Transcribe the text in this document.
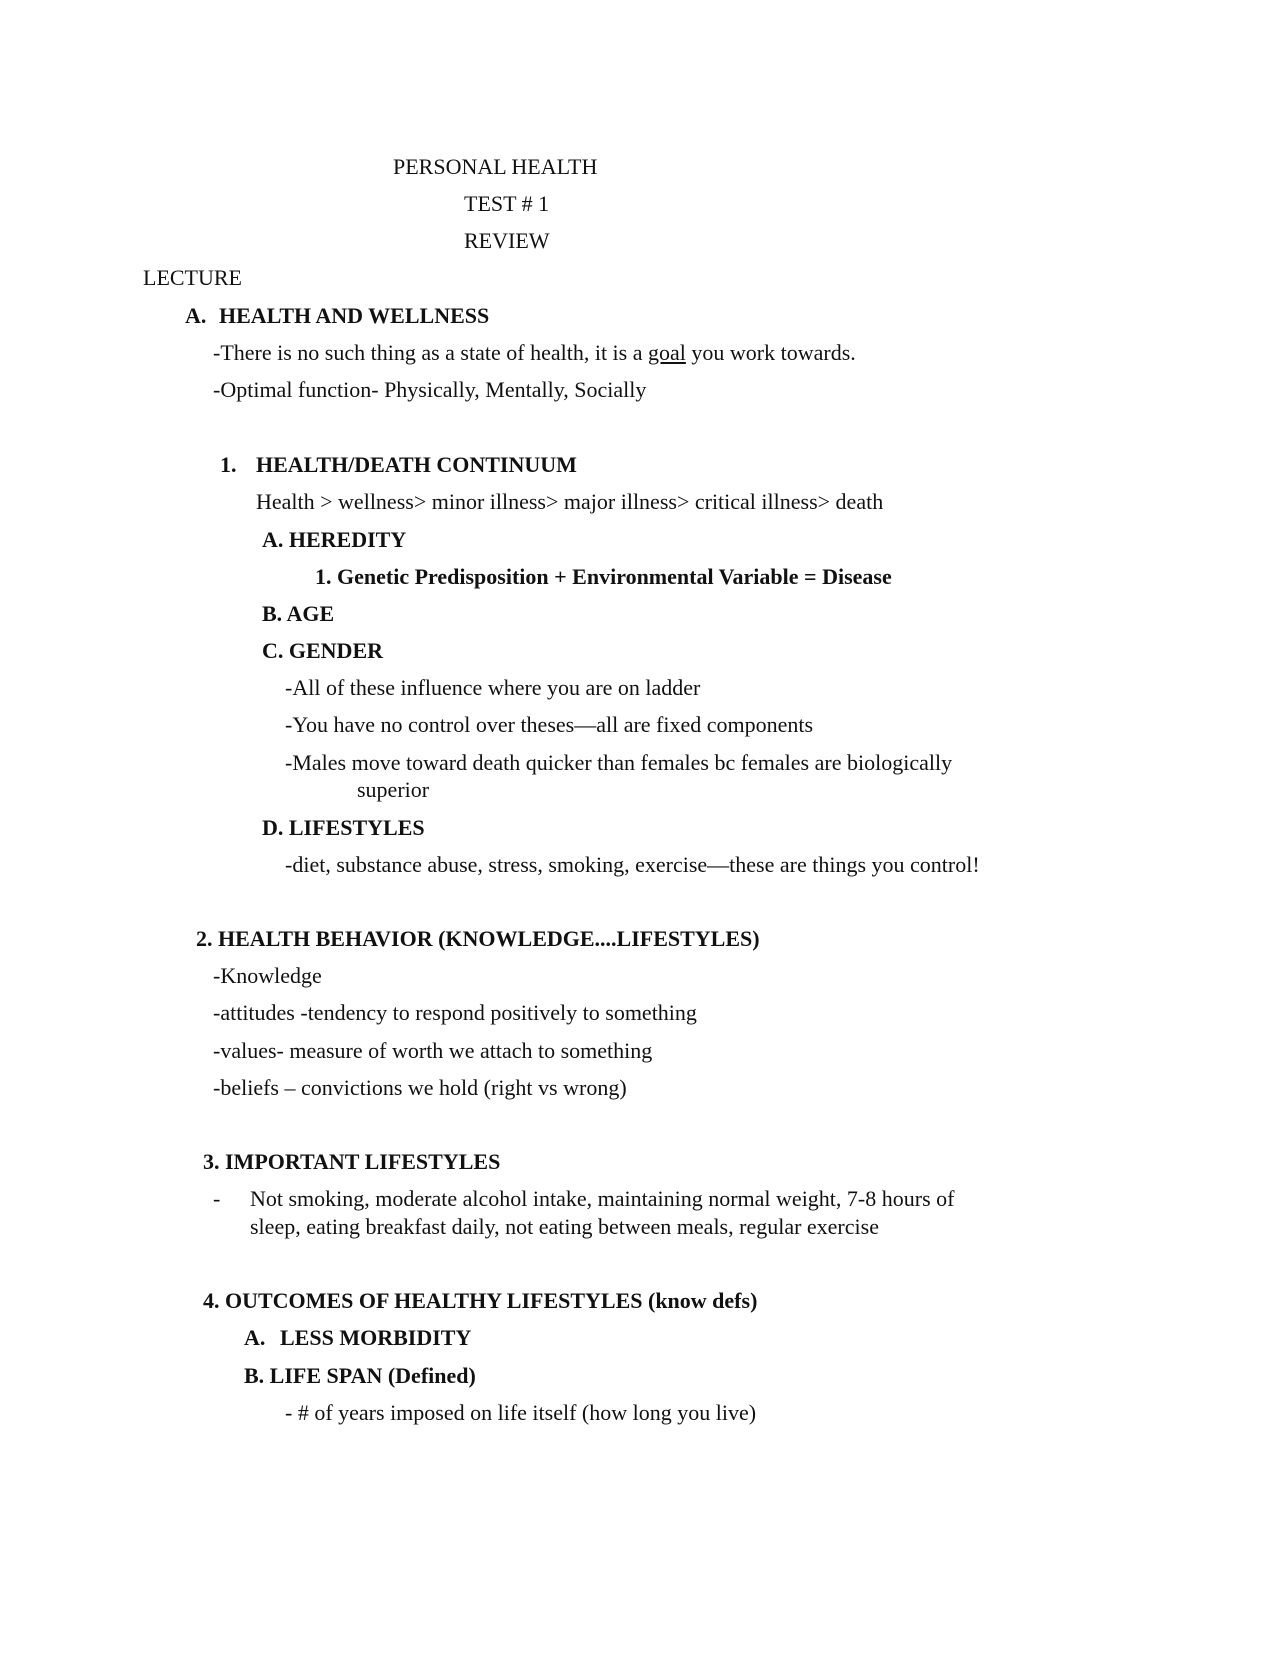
PERSONAL HEALTH
TEST # 1
REVIEW
LECTURE
A. HEALTH AND WELLNESS
-There is no such thing as a state of health, it is a goal you work towards.
-Optimal function- Physically, Mentally, Socially
1. HEALTH/DEATH CONTINUUM
Health > wellness> minor illness> major illness> critical illness> death
A. HEREDITY
1. Genetic Predisposition + Environmental Variable = Disease
B. AGE
C. GENDER
-All of these influence where you are on ladder
-You have no control over theses—all are fixed components
-Males move toward death quicker than females bc females are biologically
superior
D. LIFESTYLES
-diet, substance abuse, stress, smoking, exercise—these are things you control!
2. HEALTH BEHAVIOR (KNOWLEDGE....LIFESTYLES)
-Knowledge
-attitudes -tendency to respond positively to something
-values- measure of worth we attach to something
-beliefs – convictions we hold (right vs wrong)
3. IMPORTANT LIFESTYLES
- Not smoking, moderate alcohol intake, maintaining normal weight, 7-8 hours of
sleep, eating breakfast daily, not eating between meals, regular exercise
4. OUTCOMES OF HEALTHY LIFESTYLES (know defs)
A. LESS MORBIDITY
B. LIFE SPAN (Defined)
- # of years imposed on life itself (how long you live)
